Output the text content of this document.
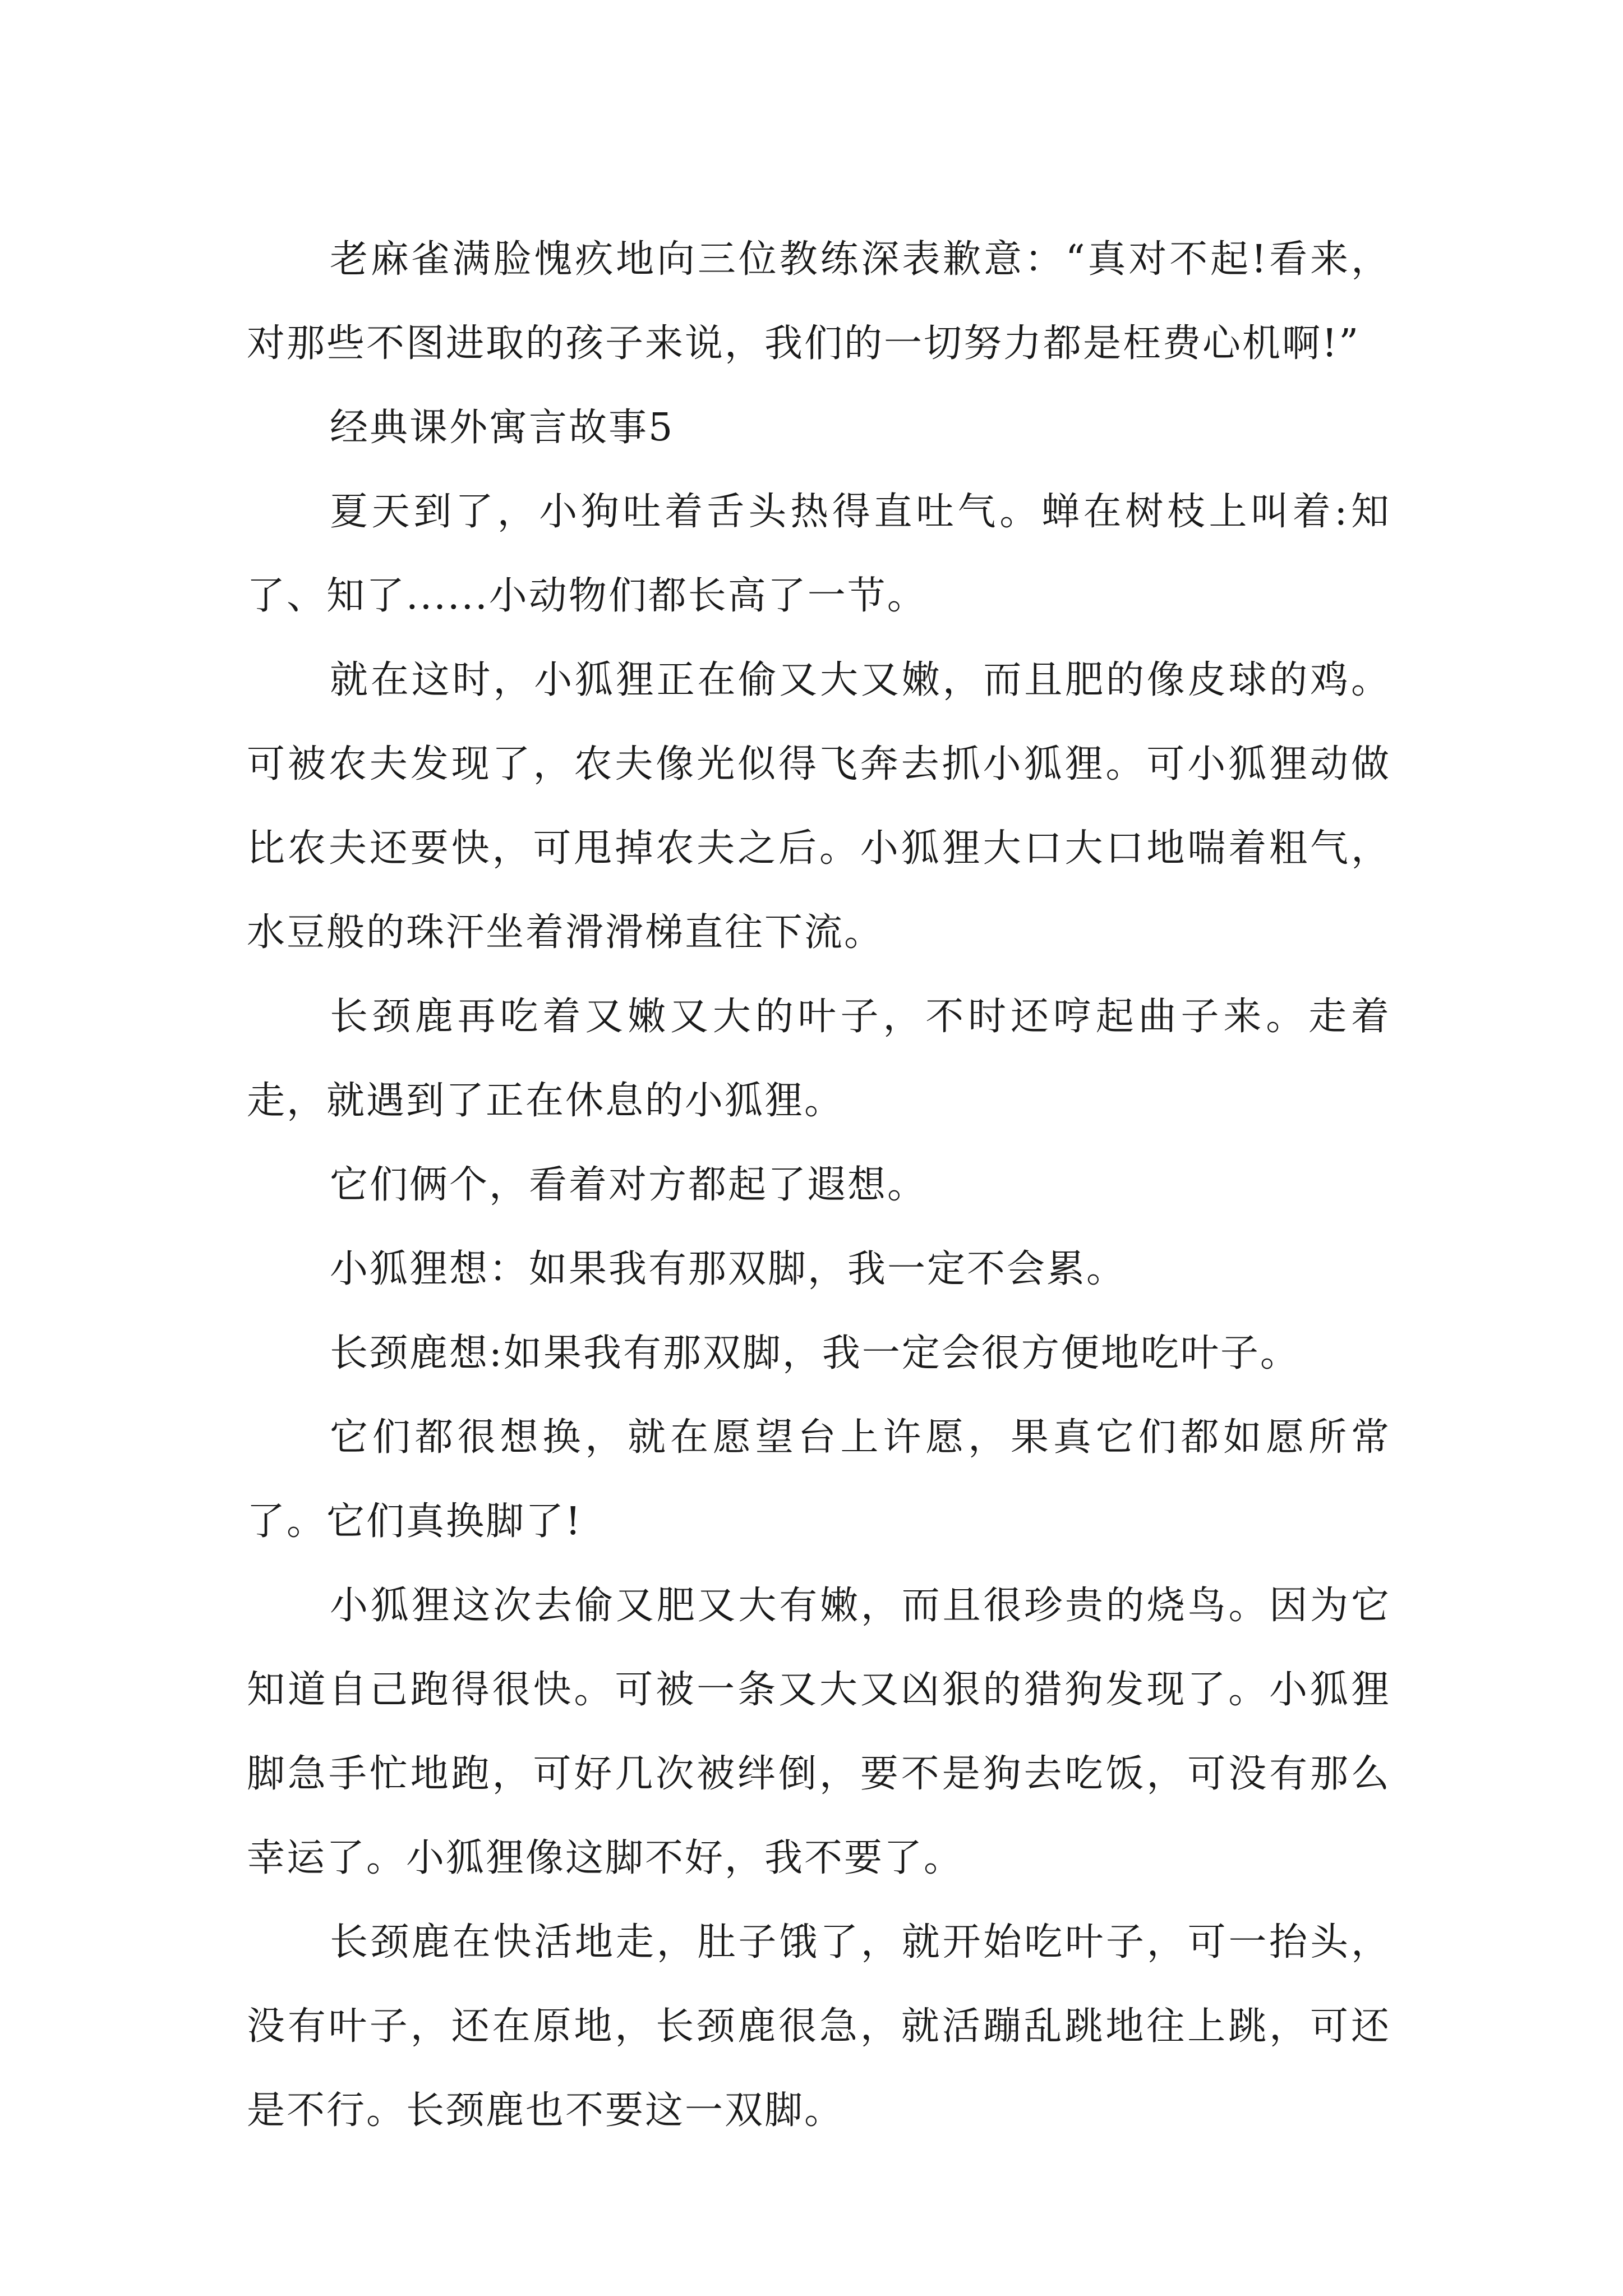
老麻雀满脸愧疚地向三位教练深表歉意：“真对不起!看来，对那些不图进取的孩子来说，我们的一切努力都是枉费心机啊!”

经典课外寓言故事5

夏天到了，小狗吐着舌头热得直吐气。蝉在树枝上叫着:知了、知了......小动物们都长高了一节。

就在这时，小狐狸正在偷又大又嫩，而且肥的像皮球的鸡。可被农夫发现了，农夫像光似得飞奔去抓小狐狸。可小狐狸动做比农夫还要快，可甩掉农夫之后。小狐狸大口大口地喘着粗气，水豆般的珠汗坐着滑滑梯直往下流。

长颈鹿再吃着又嫩又大的叶子，不时还哼起曲子来。走着走，就遇到了正在休息的小狐狸。

它们俩个，看着对方都起了遐想。

小狐狸想：如果我有那双脚，我一定不会累。

长颈鹿想:如果我有那双脚，我一定会很方便地吃叶子。

它们都很想换，就在愿望台上许愿，果真它们都如愿所常了。它们真换脚了!

小狐狸这次去偷又肥又大有嫩，而且很珍贵的烧鸟。因为它知道自己跑得很快。可被一条又大又凶狠的猎狗发现了。小狐狸脚急手忙地跑，可好几次被绊倒，要不是狗去吃饭，可没有那么幸运了。小狐狸像这脚不好，我不要了。

长颈鹿在快活地走，肚子饿了，就开始吃叶子，可一抬头，没有叶子，还在原地，长颈鹿很急，就活蹦乱跳地往上跳，可还是不行。长颈鹿也不要这一双脚。
